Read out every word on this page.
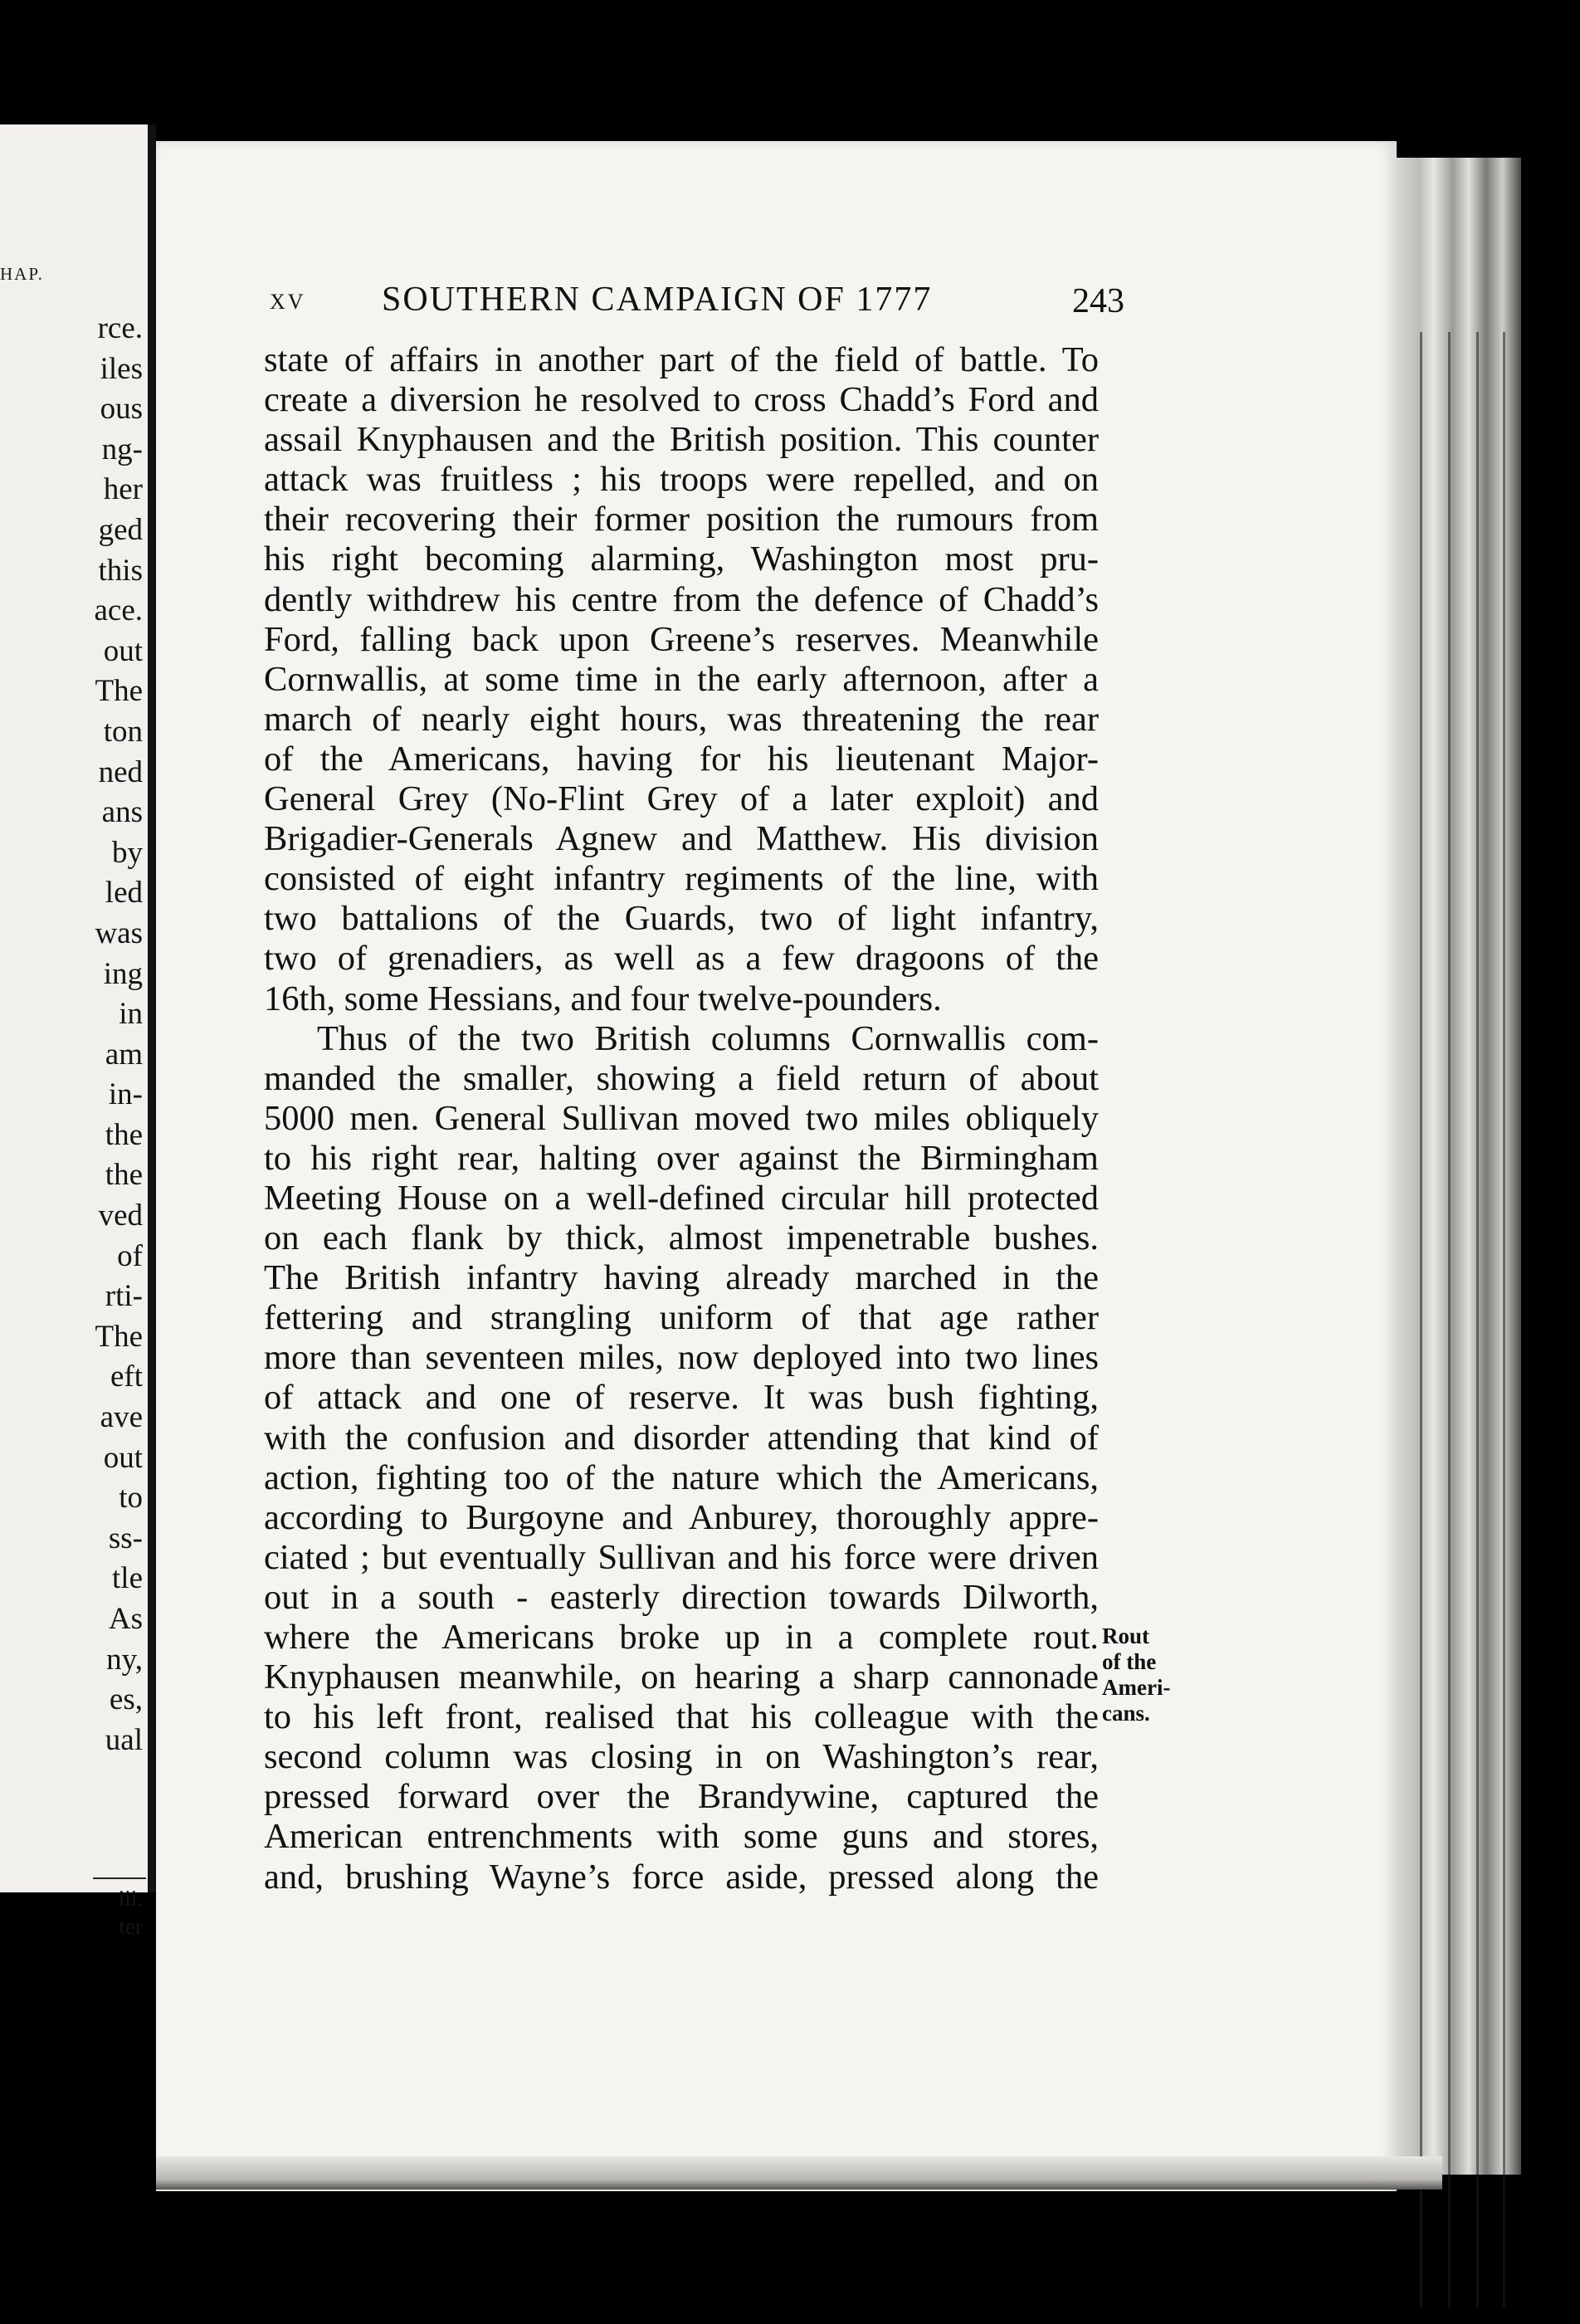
HAP.
rce.
iles
ous
ng-
her
ged
this
ace.
out
The
ton
ned
ans
by
led
was
ing
in
am
in-
the
the
ved
of
rti-
The
eft
ave
out
to
ss-
tle
As
ny,
es,
ual
iii.
ter
XV SOUTHERN CAMPAIGN OF 1777	243
state of affairs in another part of the field of battle. To
create a diversion he resolved to cross Chadd’s Ford and
assail Knyphausen and the British position. This counter
attack was fruitless ; his troops were repelled, and on
their recovering their former position the rumours from
his right becoming alarming, Washington most pru-
dently withdrew his centre from the defence of Chadd’s
Ford, falling back upon Greene’s reserves. Meanwhile
Cornwallis, at some time in the early afternoon, after a
march of nearly eight hours, was threatening the rear
of the Americans, having for his lieutenant Major-
General Grey (No-Flint Grey of a later exploit) and
Brigadier-Generals Agnew and Matthew. His division
consisted of eight infantry regiments of the line, with
two battalions of the Guards, two of light infantry,
two of grenadiers, as well as a few dragoons of the
16th, some Hessians, and four twelve-pounders.
Thus of the two British columns Cornwallis com-
manded the smaller, showing a field return of about
5000 men. General Sullivan moved two miles obliquely
to his right rear, halting over against the Birmingham
Meeting House on a well-defined circular hill protected
on each flank by thick, almost impenetrable bushes.
The British infantry having already marched in the
fettering and strangling uniform of that age rather
more than seventeen miles, now deployed into two lines
of attack and one of reserve. It was bush fighting,
with the confusion and disorder attending that kind of
action, fighting too of the nature which the Americans,
according to Burgoyne and Anburey, thoroughly appre-
ciated ; but eventually Sullivan and his force were driven
out in a south - easterly direction towards Dilworth,
where the Americans broke up in a complete rout.
Knyphausen meanwhile, on hearing a sharp cannonade
to his left front, realised that his colleague with the
second column was closing in on Washington’s rear,
pressed forward over the Brandywine, captured the
American entrenchments with some guns and stores,
and, brushing Wayne’s force aside, pressed along the
Rout
of the
Ameri-
cans.
